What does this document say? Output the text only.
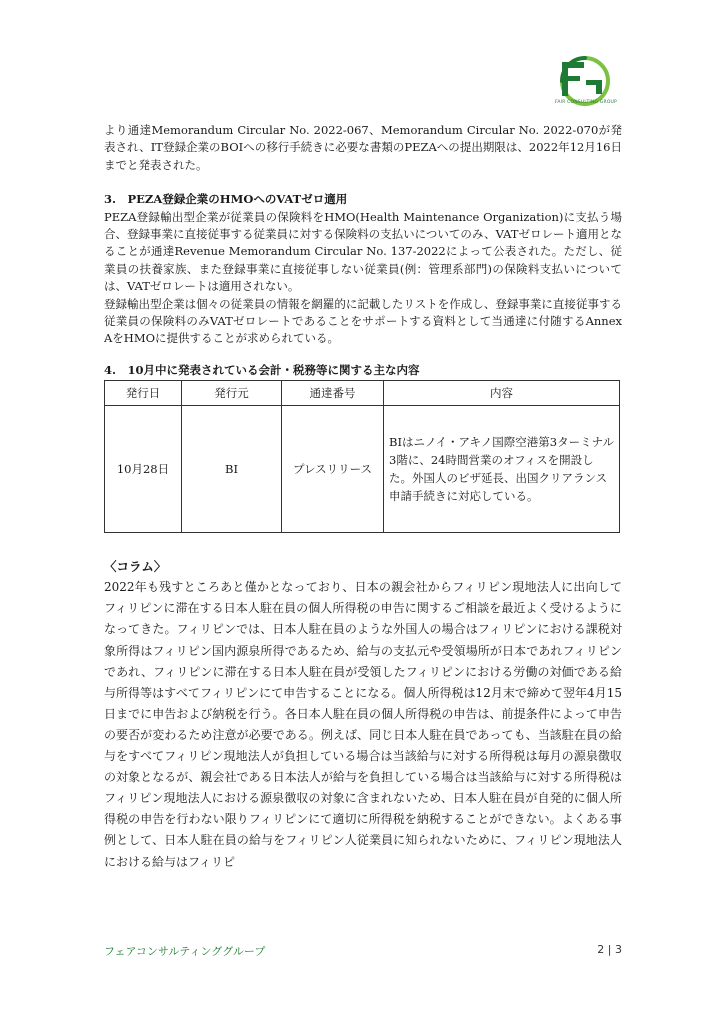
FAIR CONSULTING GROUP

より通達Memorandum Circular No. 2022-067、Memorandum Circular No. 2022-070が発表され、IT登録企業のBOIへの移行手続きに必要な書類のPEZAへの提出期限は、2022年12月16日までと発表された。

3.　PEZA登録企業のHMOへのVATゼロ適用

PEZA登録輸出型企業が従業員の保険料をHMO(Health Maintenance Organization)に支払う場合、登録事業に直接従事する従業員に対する保険料の支払いについてのみ、VATゼロレート適用となることが通達Revenue Memorandum Circular No. 137-2022によって公表された。ただし、従業員の扶養家族、また登録事業に直接従事しない従業員(例：管理系部門)の保険料支払いについては、VATゼロレートは適用されない。

登録輸出型企業は個々の従業員の情報を網羅的に記載したリストを作成し、登録事業に直接従事する従業員の保険料のみVATゼロレートであることをサポートする資料として当通達に付随するAnnex AをHMOに提供することが求められている。

4.　10月中に発表されている会計・税務等に関する主な内容

発行日	発行元	通達番号	内容
10月28日	BI	プレスリリース	BIはニノイ・アキノ国際空港第3ターミナル3階に、24時間営業のオフィスを開設した。外国人のビザ延長、出国クリアランス申請手続きに対応している。

〈コラム〉

2022年も残すところあと僅かとなっており、日本の親会社からフィリピン現地法人に出向してフィリピンに滞在する日本人駐在員の個人所得税の申告に関するご相談を最近よく受けるようになってきた。フィリピンでは、日本人駐在員のような外国人の場合はフィリピンにおける課税対象所得はフィリピン国内源泉所得であるため、給与の支払元や受領場所が日本であれフィリピンであれ、フィリピンに滞在する日本人駐在員が受領したフィリピンにおける労働の対価である給与所得等はすべてフィリピンにて申告することになる。個人所得税は12月末で締めて翌年4月15日までに申告および納税を行う。各日本人駐在員の個人所得税の申告は、前提条件によって申告の要否が変わるため注意が必要である。例えば、同じ日本人駐在員であっても、当該駐在員の給与をすべてフィリピン現地法人が負担している場合は当該給与に対する所得税は毎月の源泉徴収の対象となるが、親会社である日本法人が給与を負担している場合は当該給与に対する所得税はフィリピン現地法人における源泉徴収の対象に含まれないため、日本人駐在員が自発的に個人所得税の申告を行わない限りフィリピンにて適切に所得税を納税することができない。よくある事例として、日本人駐在員の給与をフィリピン人従業員に知られないために、フィリピン現地法人における給与はフィリピ

フェアコンサルティンググループ	2 | 3
